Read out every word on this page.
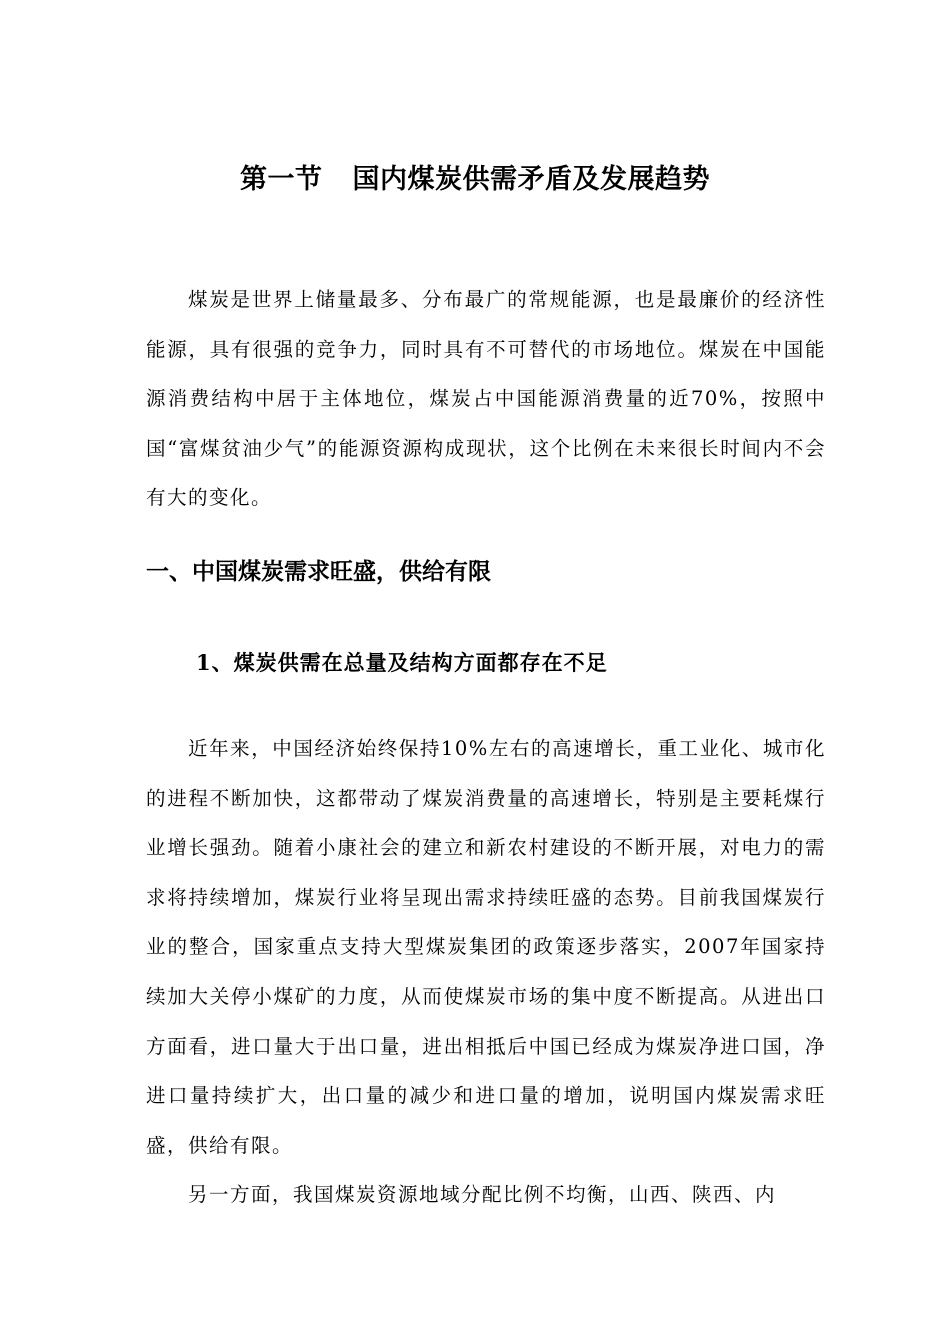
第一节 国内煤炭供需矛盾及发展趋势

煤炭是世界上储量最多、分布最广的常规能源，也是最廉价的经济性能源，具有很强的竞争力，同时具有不可替代的市场地位。煤炭在中国能源消费结构中居于主体地位，煤炭占中国能源消费量的近70%，按照中国“富煤贫油少气”的能源资源构成现状，这个比例在未来很长时间内不会有大的变化。

一、中国煤炭需求旺盛，供给有限
1、煤炭供需在总量及结构方面都存在不足

近年来，中国经济始终保持10%左右的高速增长，重工业化、城市化的进程不断加快，这都带动了煤炭消费量的高速增长，特别是主要耗煤行业增长强劲。随着小康社会的建立和新农村建设的不断开展，对电力的需求将持续增加，煤炭行业将呈现出需求持续旺盛的态势。目前我国煤炭行业的整合，国家重点支持大型煤炭集团的政策逐步落实，2007年国家持续加大关停小煤矿的力度，从而使煤炭市场的集中度不断提高。从进出口方面看，进口量大于出口量，进出相抵后中国已经成为煤炭净进口国，净进口量持续扩大，出口量的减少和进口量的增加，说明国内煤炭需求旺盛，供给有限。

另一方面，我国煤炭资源地域分配比例不均衡，山西、陕西、内
